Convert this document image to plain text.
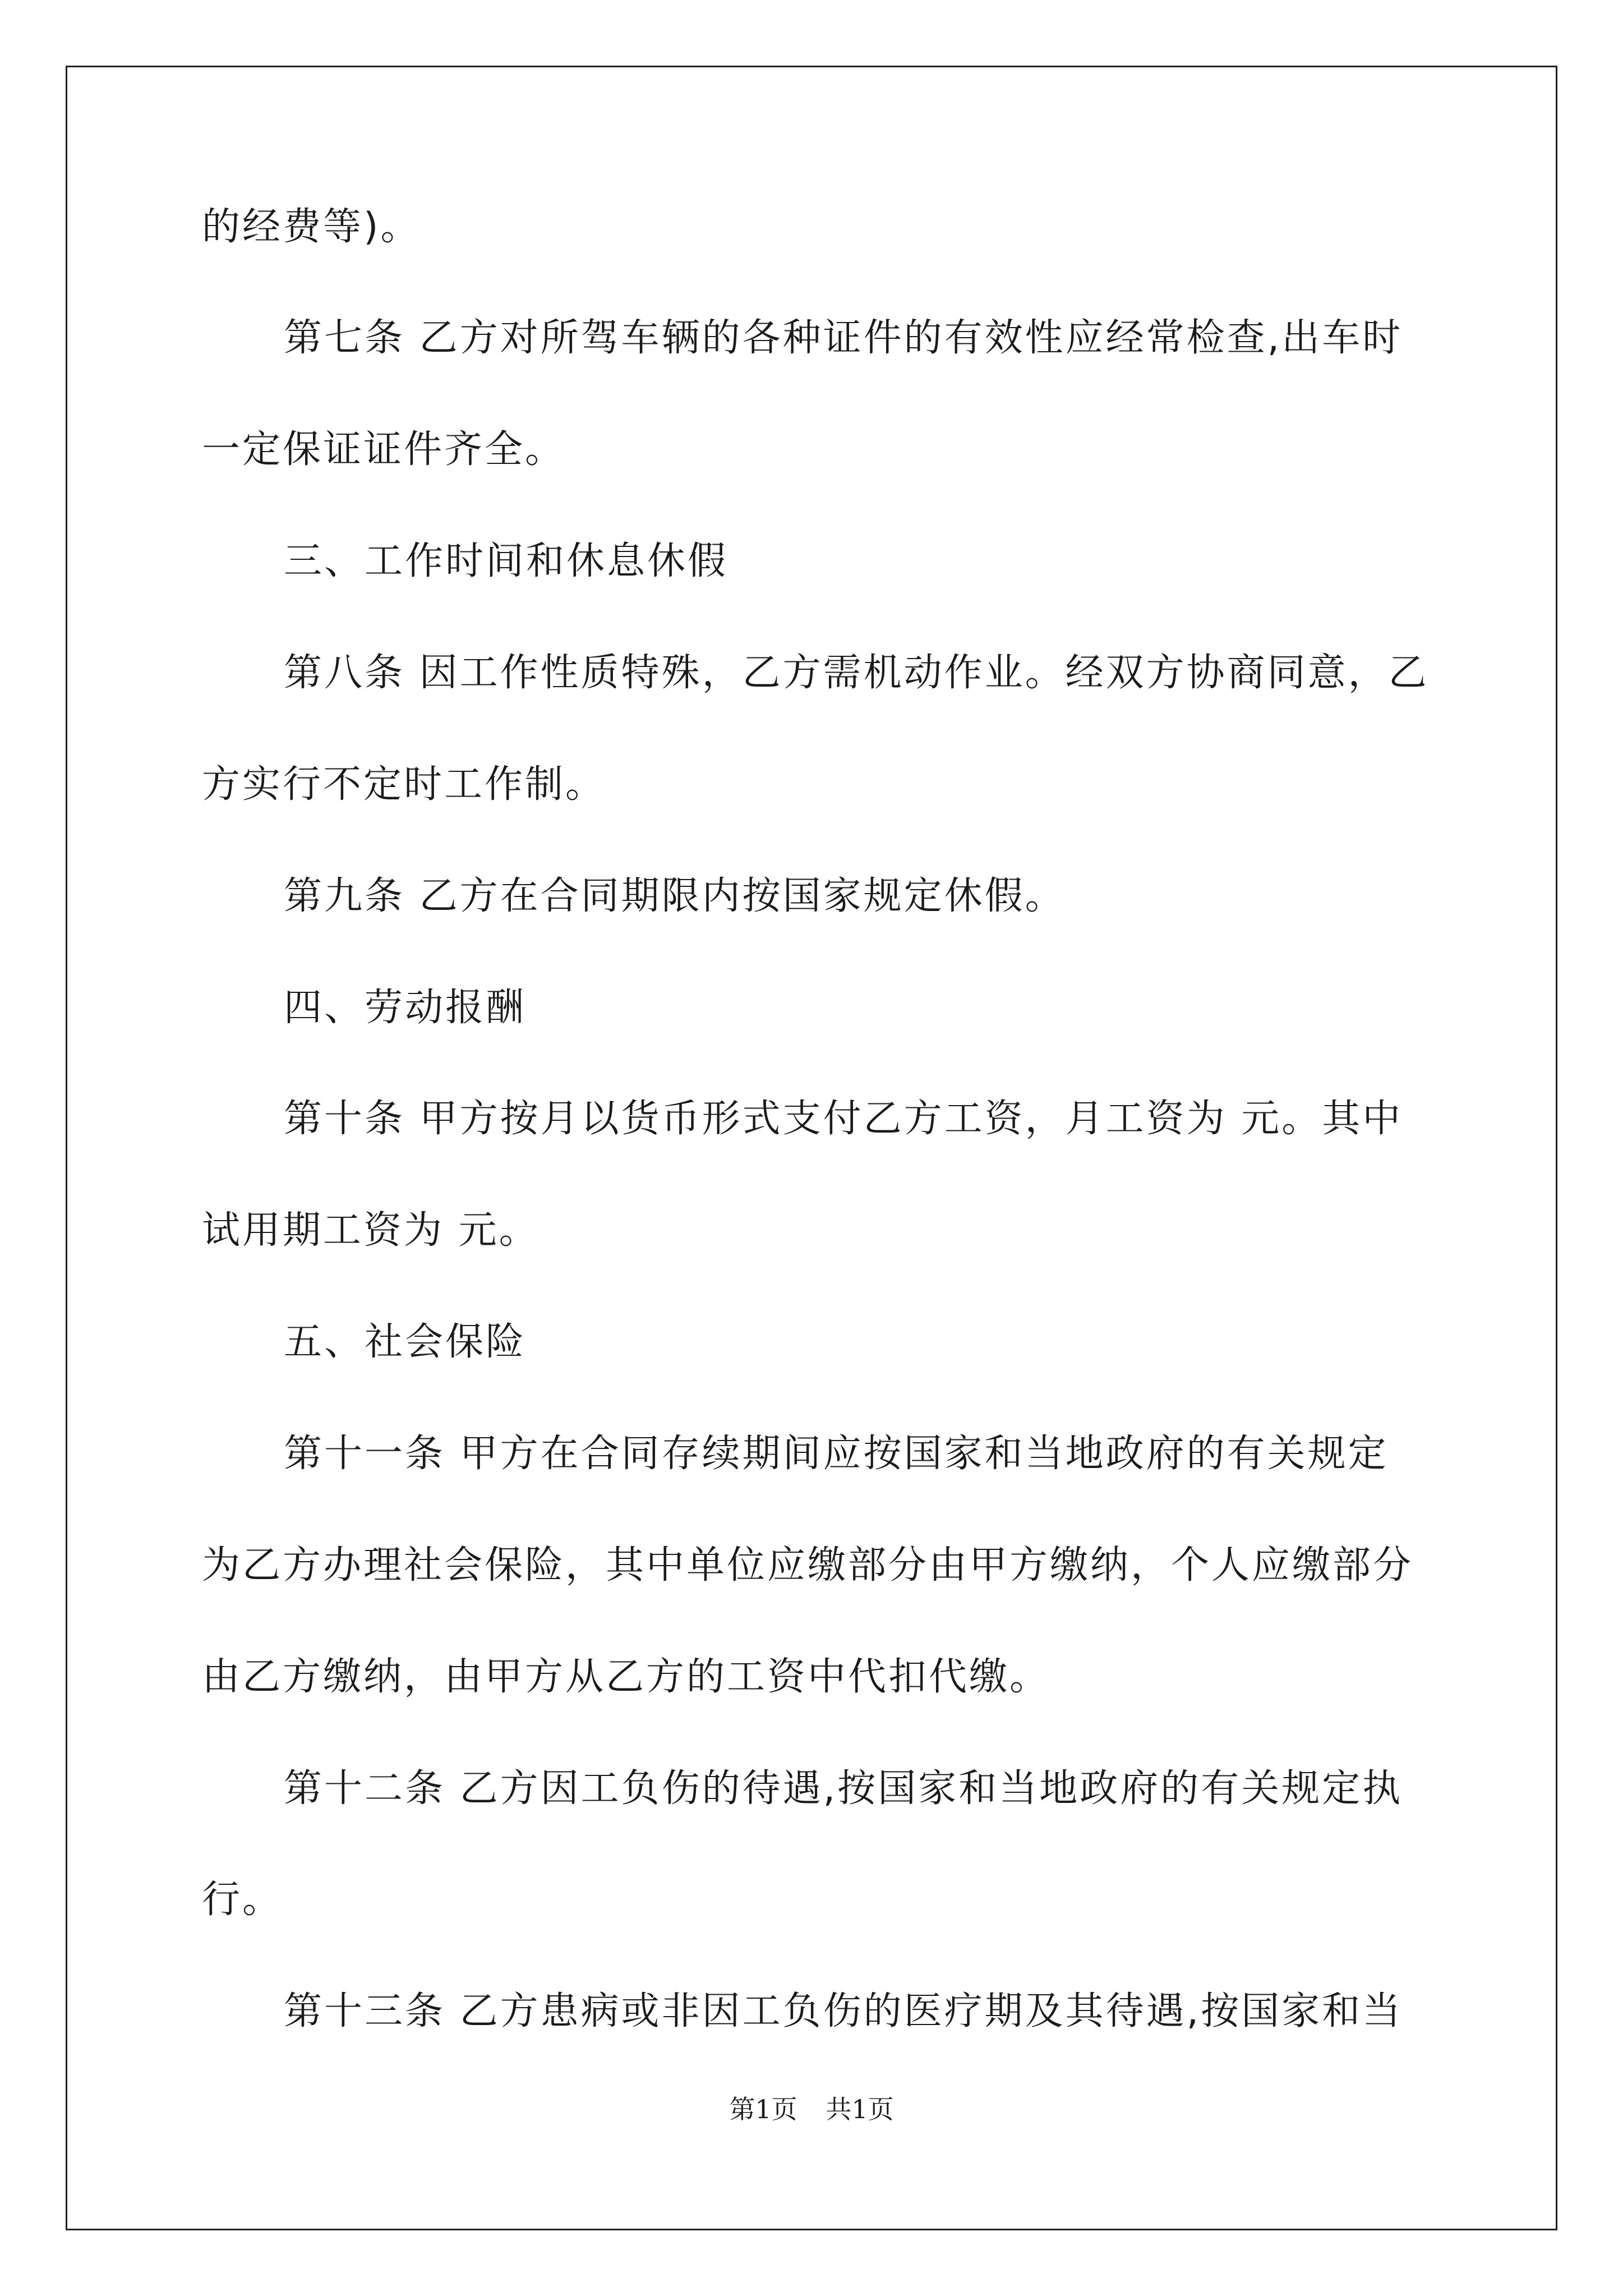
的经费等)。
第七条 乙方对所驾车辆的各种证件的有效性应经常检查,出车时
一定保证证件齐全。
三、工作时间和休息休假
第八条 因工作性质特殊，乙方需机动作业。经双方协商同意，乙
方实行不定时工作制。
第九条 乙方在合同期限内按国家规定休假。
四、劳动报酬
第十条 甲方按月以货币形式支付乙方工资，月工资为 元。其中
试用期工资为 元。
五、社会保险
第十一条 甲方在合同存续期间应按国家和当地政府的有关规定
为乙方办理社会保险，其中单位应缴部分由甲方缴纳，个人应缴部分
由乙方缴纳，由甲方从乙方的工资中代扣代缴。
第十二条 乙方因工负伤的待遇,按国家和当地政府的有关规定执
行。
第十三条 乙方患病或非因工负伤的医疗期及其待遇,按国家和当
第1页 共1页
